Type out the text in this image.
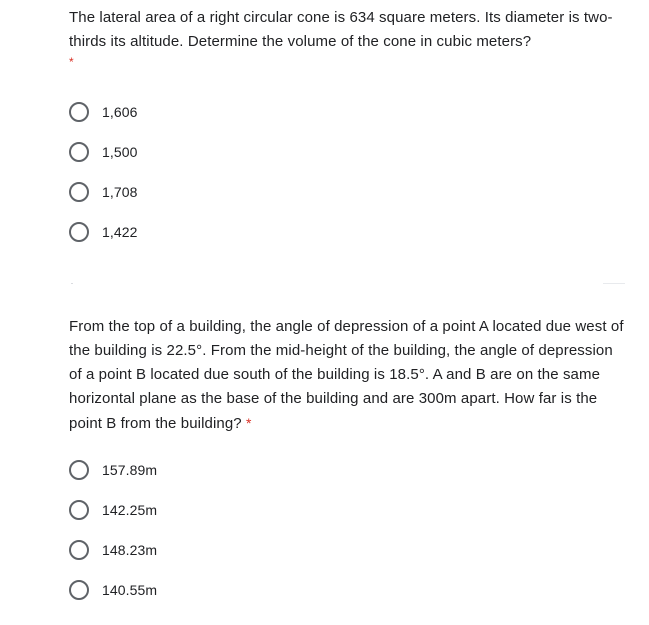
The lateral area of a right circular cone is 634 square meters. Its diameter is two-thirds its altitude. Determine the volume of the cone in cubic meters?
*
1,606
1,500
1,708
1,422
From the top of a building, the angle of depression of a point A located due west of the building is 22.5°. From the mid-height of the building, the angle of depression of a point B located due south of the building is 18.5°. A and B are on the same horizontal plane as the base of the building and are 300m apart. How far is the point B from the building? *
157.89m
142.25m
148.23m
140.55m
